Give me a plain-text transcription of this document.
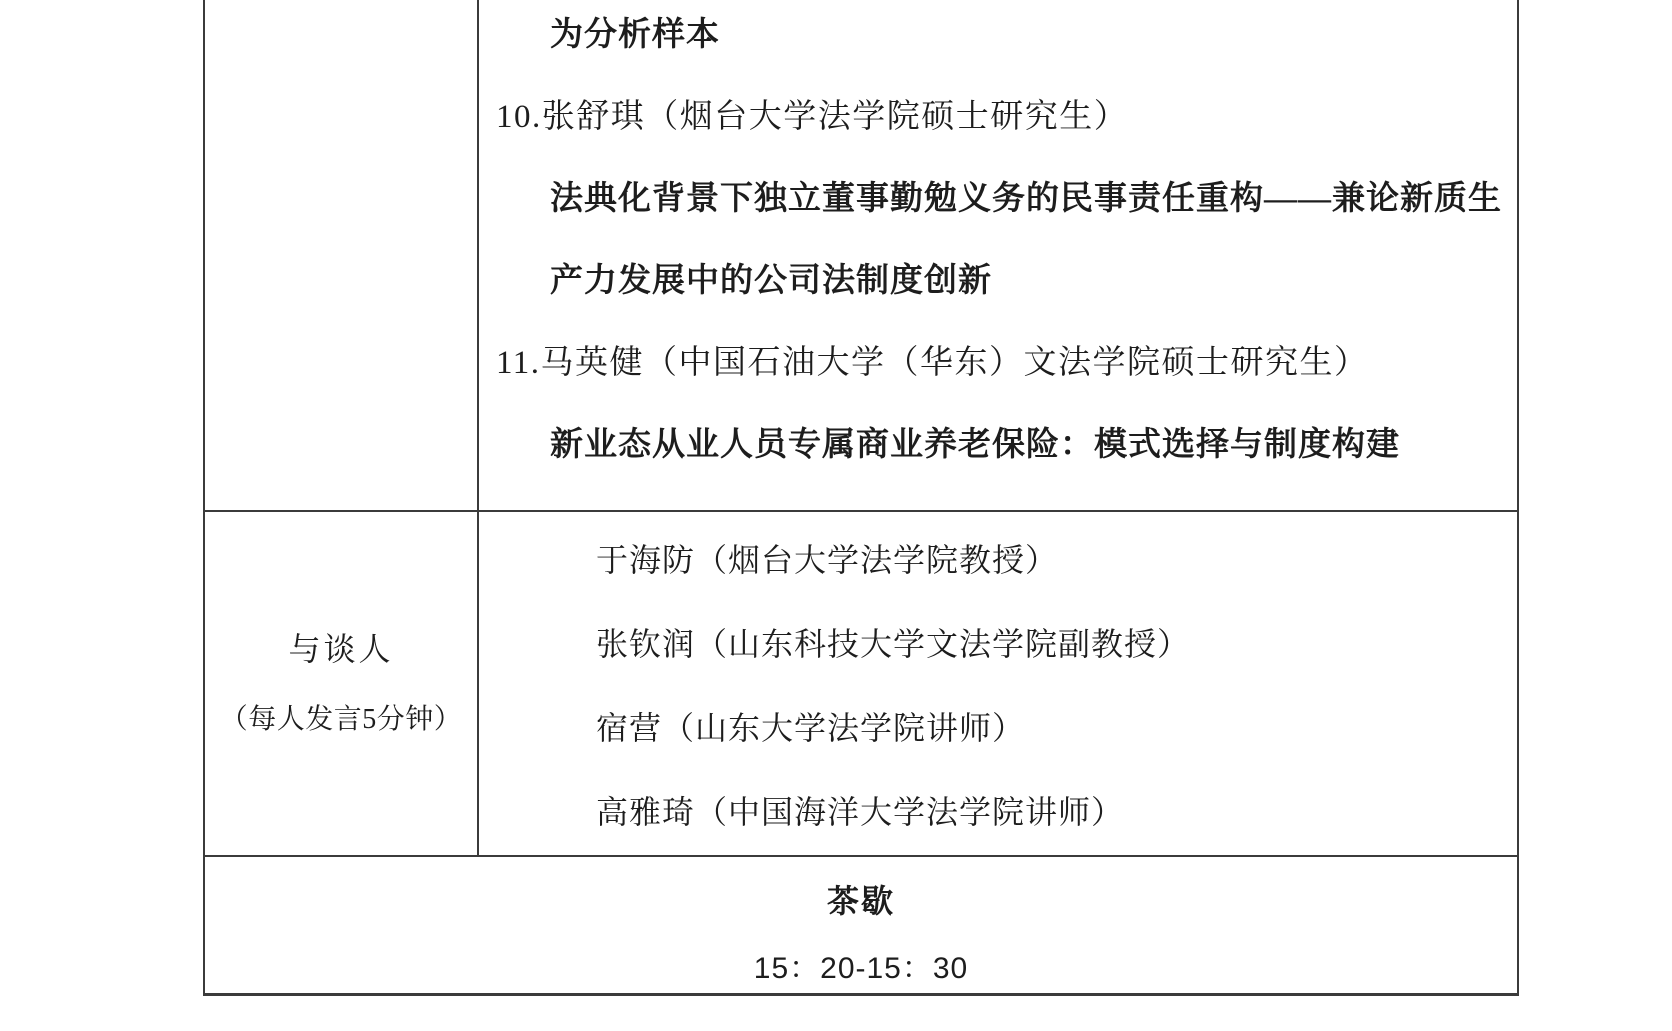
为分析样本
10.张舒琪（烟台大学法学院硕士研究生）
法典化背景下独立董事勤勉义务的民事责任重构——兼论新质生
产力发展中的公司法制度创新
11.马英健（中国石油大学（华东）文法学院硕士研究生）
新业态从业人员专属商业养老保险：模式选择与制度构建
与谈人
（每人发言5分钟）
于海防（烟台大学法学院教授）
张钦润（山东科技大学文法学院副教授）
宿营（山东大学法学院讲师）
高雅琦（中国海洋大学法学院讲师）
茶歇
15：20-15：30
